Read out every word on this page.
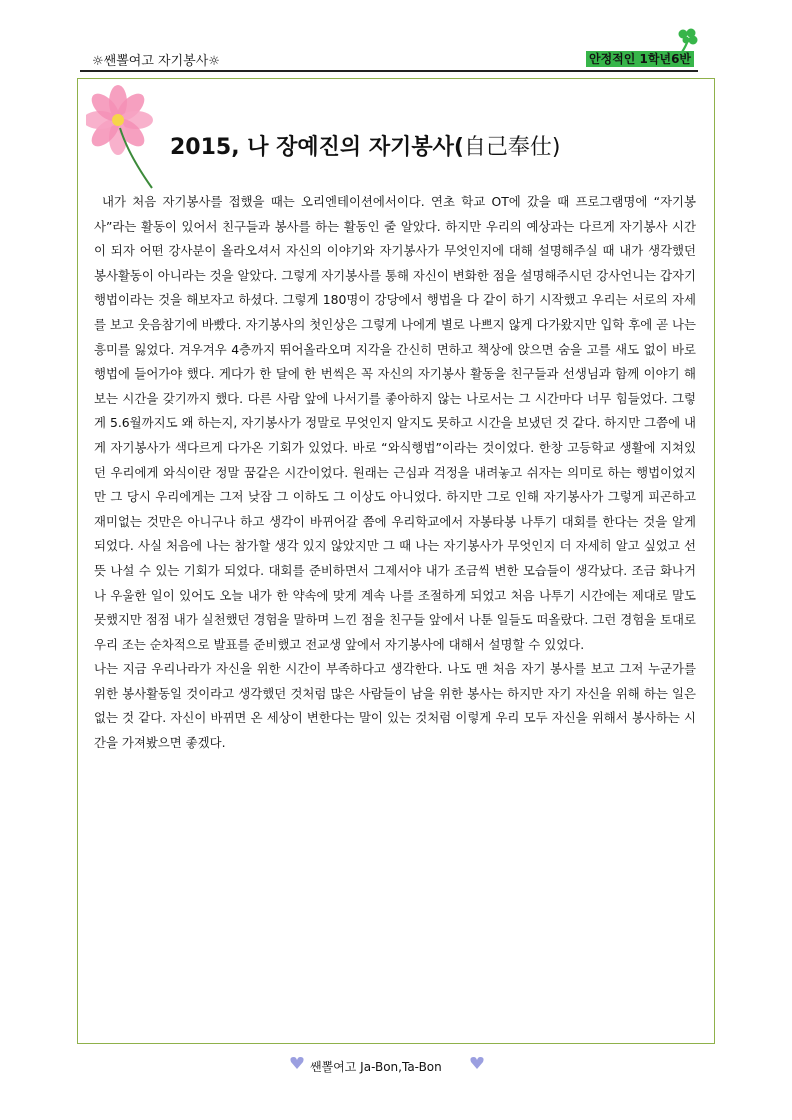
☼쌘뽈여고 자기봉사☼	안정적인 1학년6반
2015, 나 장예진의 자기봉사(自己奉仕)

내가 처음 자기봉사를 접했을 때는 오리엔테이션에서이다. 연초 학교 OT에 갔을 때 프로그램명에 “자기봉사”라는 활동이 있어서 친구들과 봉사를 하는 활동인 줄 알았다. 하지만 우리의 예상과는 다르게 자기봉사 시간이 되자 어떤 강사분이 올라오셔서 자신의 이야기와 자기봉사가 무엇인지에 대해 설명해주실 때 내가 생각했던 봉사활동이 아니라는 것을 알았다. 그렇게 자기봉사를 통해 자신이 변화한 점을 설명해주시던 강사언니는 갑자기 행법이라는 것을 해보자고 하셨다. 그렇게 180명이 강당에서 행법을 다 같이 하기 시작했고 우리는 서로의 자세를 보고 웃음참기에 바빴다. 자기봉사의 첫인상은 그렇게 나에게 별로 나쁘지 않게 다가왔지만 입학 후에 곧 나는 흥미를 잃었다. 겨우겨우 4층까지 뛰어올라오며 지각을 간신히 면하고 책상에 앉으면 숨을 고를 새도 없이 바로 행법에 들어가야 했다. 게다가 한 달에 한 번씩은 꼭 자신의 자기봉사 활동을 친구들과 선생님과 함께 이야기 해보는 시간을 갖기까지 했다. 다른 사람 앞에 나서기를 좋아하지 않는 나로서는 그 시간마다 너무 힘들었다. 그렇게 5.6월까지도 왜 하는지, 자기봉사가 정말로 무엇인지 알지도 못하고 시간을 보냈던 것 같다. 하지만 그쯤에 내게 자기봉사가 색다르게 다가온 기회가 있었다. 바로 “와식행법”이라는 것이었다. 한창 고등학교 생활에 지쳐있던 우리에게 와식이란 정말 꿈같은 시간이었다. 원래는 근심과 걱정을 내려놓고 쉬자는 의미로 하는 행법이었지만 그 당시 우리에게는 그저 낮잠 그 이하도 그 이상도 아니었다. 하지만 그로 인해 자기봉사가 그렇게 피곤하고 재미없는 것만은 아니구나 하고 생각이 바뀌어갈 쯤에 우리학교에서 자봉타봉 나투기 대회를 한다는 것을 알게 되었다. 사실 처음에 나는 참가할 생각 있지 않았지만 그 때 나는 자기봉사가 무엇인지 더 자세히 알고 싶었고 선뜻 나설 수 있는 기회가 되었다. 대회를 준비하면서 그제서야 내가 조금씩 변한 모습들이 생각났다. 조금 화나거나 우울한 일이 있어도 오늘 내가 한 약속에 맞게 계속 나를 조절하게 되었고 처음 나투기 시간에는 제대로 말도 못했지만 점점 내가 실천했던 경험을 말하며 느낀 점을 친구들 앞에서 나툰 일들도 떠올랐다. 그런 경험을 토대로 우리 조는 순차적으로 발표를 준비했고 전교생 앞에서 자기봉사에 대해서 설명할 수 있었다.

나는 지금 우리나라가 자신을 위한 시간이 부족하다고 생각한다. 나도 맨 처음 자기 봉사를 보고 그저 누군가를 위한 봉사활동일 것이라고 생각했던 것처럼 많은 사람들이 남을 위한 봉사는 하지만 자기 자신을 위해 하는 일은 없는 것 같다. 자신이 바뀌면 온 세상이 변한다는 말이 있는 것처럼 이렇게 우리 모두 자신을 위해서 봉사하는 시간을 가져봤으면 좋겠다.

쌘뽈여고 Ja-Bon,Ta-Bon
